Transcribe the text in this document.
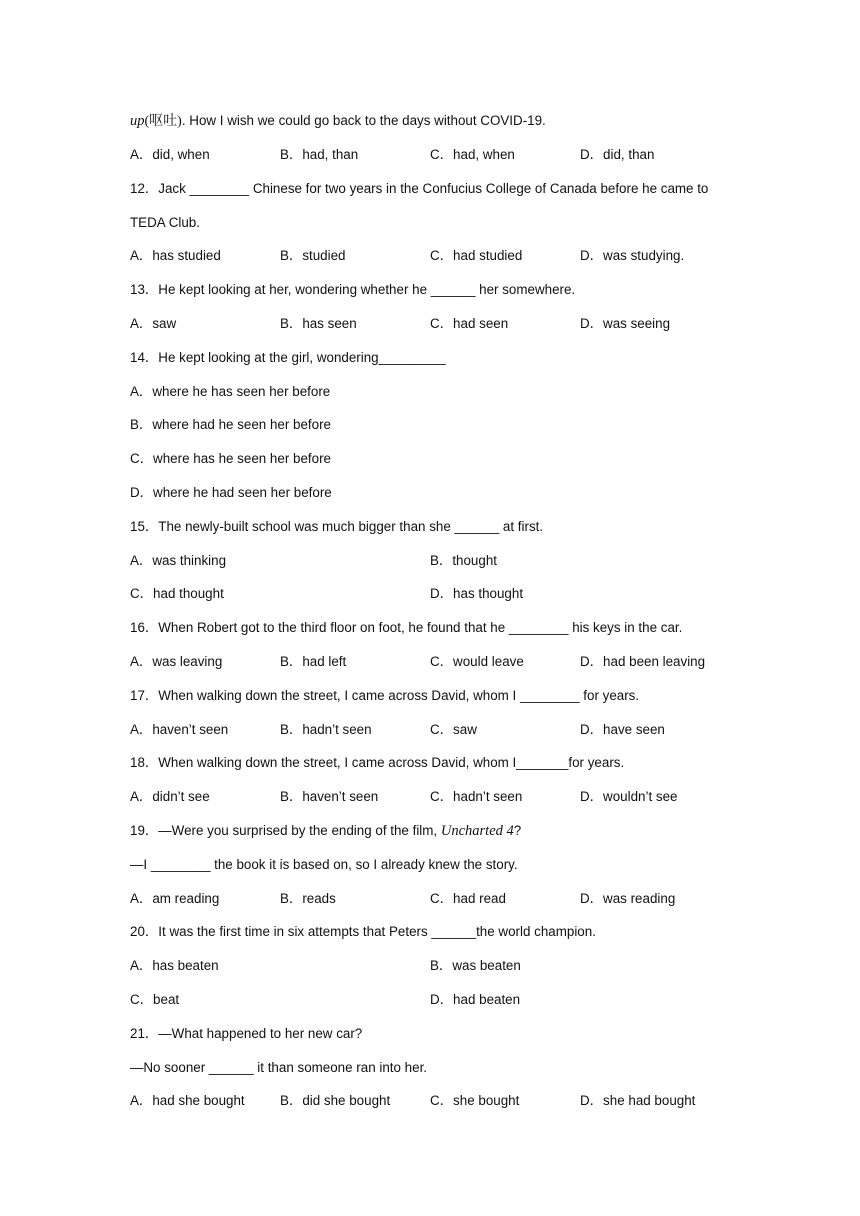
up(呕吐). How I wish we could go back to the days without COVID-19.
A．did, when	B．had, than	C．had, when	D．did, than
12．Jack ________ Chinese for two years in the Confucius College of Canada before he came to
TEDA Club.
A．has studied	B．studied	C．had studied	D．was studying.
13．He kept looking at her, wondering whether he ______ her somewhere.
A．saw	B．has seen	C．had seen	D．was seeing
14．He kept looking at the girl, wondering_________
A．where he has seen her before
B．where had he seen her before
C．where has he seen her before
D．where he had seen her before
15．The newly-built school was much bigger than she ______ at first.
A．was thinking	B．thought
C．had thought	D．has thought
16．When Robert got to the third floor on foot, he found that he ________ his keys in the car.
A．was leaving	B．had left	C．would leave	D．had been leaving
17．When walking down the street, I came across David, whom I ________ for years.
A．haven’t seen	B．hadn’t seen	C．saw	D．have seen
18．When walking down the street, I came across David, whom I_______for years.
A．didn’t see	B．haven’t seen	C．hadn’t seen	D．wouldn’t see
19．—Were you surprised by the ending of the film, Uncharted 4?
—I ________ the book it is based on, so I already knew the story.
A．am reading	B．reads	C．had read	D．was reading
20．It was the first time in six attempts that Peters ______the world champion.
A．has beaten	B．was beaten
C．beat	D．had beaten
21．—What happened to her new car?
—No sooner ______ it than someone ran into her.
A．had she bought	B．did she bought	C．she bought	D．she had bought
